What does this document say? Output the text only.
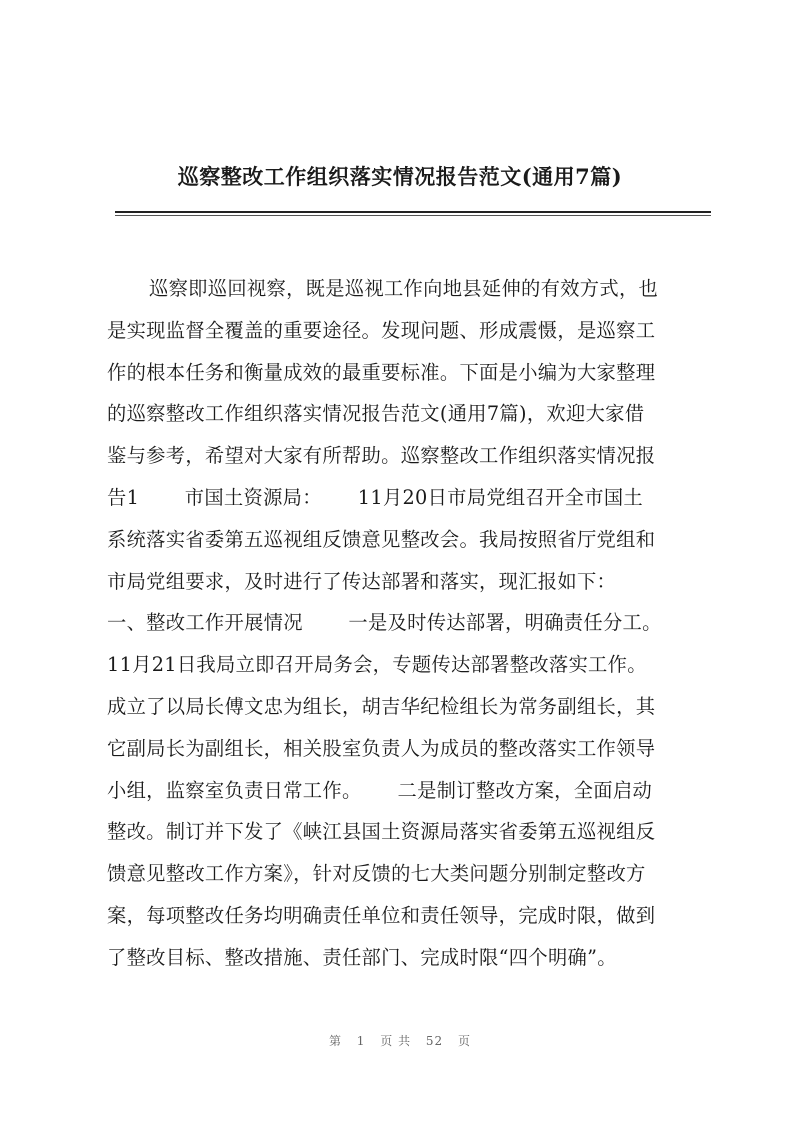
巡察整改工作组织落实情况报告范文(通用7篇)
巡察即巡回视察，既是巡视工作向地县延伸的有效方式，也
是实现监督全覆盖的重要途径。发现问题、形成震慑，是巡察工
作的根本任务和衡量成效的最重要标准。下面是小编为大家整理
的巡察整改工作组织落实情况报告范文(通用7篇)，欢迎大家借
鉴与参考，希望对大家有所帮助。巡察整改工作组织落实情况报
告1　　 市国土资源局：　　 11月20日市局党组召开全市国土
系统落实省委第五巡视组反馈意见整改会。我局按照省厅党组和
市局党组要求，及时进行了传达部署和落实，现汇报如下：
一、整改工作开展情况　　 一是及时传达部署，明确责任分工。
11月21日我局立即召开局务会，专题传达部署整改落实工作。
成立了以局长傅文忠为组长，胡吉华纪检组长为常务副组长，其
它副局长为副组长，相关股室负责人为成员的整改落实工作领导
小组，监察室负责日常工作。　　 二是制订整改方案，全面启动
整改。制订并下发了《峡江县国土资源局落实省委第五巡视组反
馈意见整改工作方案》，针对反馈的七大类问题分别制定整改方
案，每项整改任务均明确责任单位和责任领导，完成时限，做到
了整改目标、整改措施、责任部门、完成时限“四个明确”。
第 1 页 共 52 页
